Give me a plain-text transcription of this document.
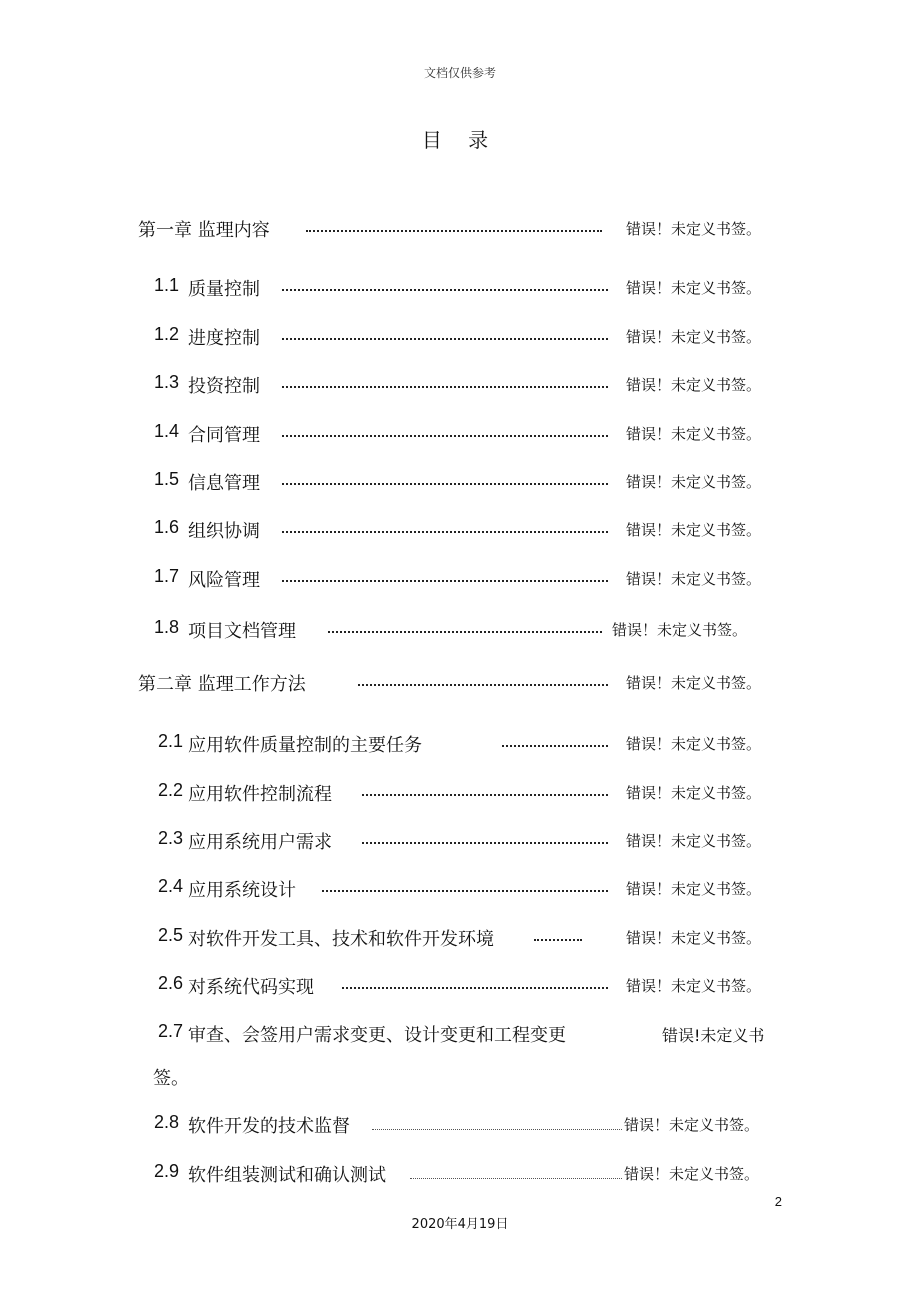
文档仅供参考
目 录
第一章 监理内容	错误！未定义书签。
1.1 质量控制	错误！未定义书签。
1.2 进度控制	错误！未定义书签。
1.3 投资控制	错误！未定义书签。
1.4 合同管理	错误！未定义书签。
1.5 信息管理	错误！未定义书签。
1.6 组织协调	错误！未定义书签。
1.7 风险管理	错误！未定义书签。
1.8 项目文档管理	错误！未定义书签。
第二章 监理工作方法	错误！未定义书签。
2.1 应用软件质量控制的主要任务	错误！未定义书签。
2.2 应用软件控制流程	错误！未定义书签。
2.3 应用系统用户需求	错误！未定义书签。
2.4 应用系统设计	错误！未定义书签。
2.5 对软件开发工具、技术和软件开发环境	错误！未定义书签。
2.6 对系统代码实现	错误！未定义书签。
2.7 审查、会签用户需求变更、设计变更和工程变更	错误!未定义书
签。
2.8 软件开发的技术监督	错误！未定义书签。
2.9 软件组装测试和确认测试	错误！未定义书签。
2
2020年4月19日
